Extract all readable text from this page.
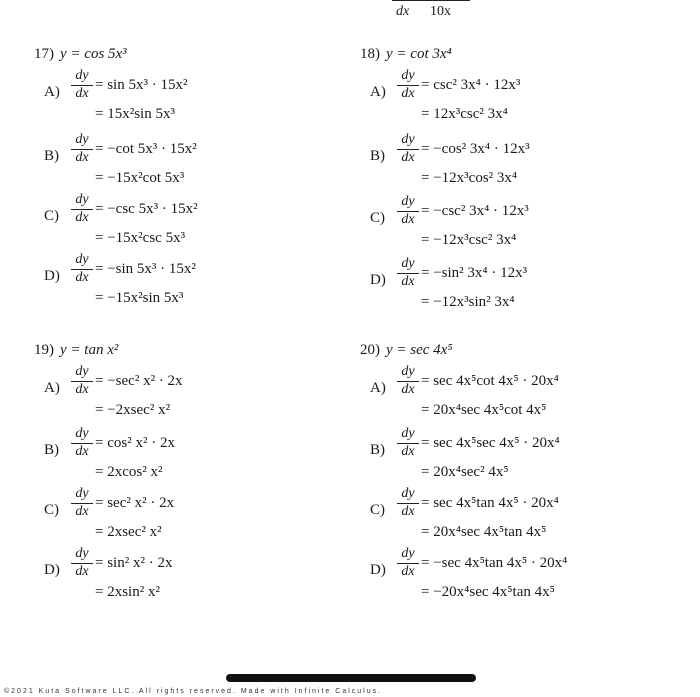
dx 10x
17) y = cos 5x³
A)
dy
dx
= sin 5x³ · 15x²
= 15x²sin 5x³
B)
dy
dx
= −cot 5x³ · 15x²
= −15x²cot 5x³
C)
dy
dx
= −csc 5x³ · 15x²
= −15x²csc 5x³
D)
dy
dx
= −sin 5x³ · 15x²
= −15x²sin 5x³
18) y = cot 3x⁴
A)
dy
dx
= csc² 3x⁴ · 12x³
= 12x³csc² 3x⁴
B)
dy
dx
= −cos² 3x⁴ · 12x³
= −12x³cos² 3x⁴
C)
dy
dx
= −csc² 3x⁴ · 12x³
= −12x³csc² 3x⁴
D)
dy
dx
= −sin² 3x⁴ · 12x³
= −12x³sin² 3x⁴
19) y = tan x²
A)
dy
dx
= −sec² x² · 2x
= −2xsec² x²
B)
dy
dx
= cos² x² · 2x
= 2xcos² x²
C)
dy
dx
= sec² x² · 2x
= 2xsec² x²
D)
dy
dx
= sin² x² · 2x
= 2xsin² x²
20) y = sec 4x⁵
A)
dy
dx
= sec 4x⁵cot 4x⁵ · 20x⁴
= 20x⁴sec 4x⁵cot 4x⁵
B)
dy
dx
= sec 4x⁵sec 4x⁵ · 20x⁴
= 20x⁴sec² 4x⁵
C)
dy
dx
= sec 4x⁵tan 4x⁵ · 20x⁴
= 20x⁴sec 4x⁵tan 4x⁵
D)
dy
dx
= −sec 4x⁵tan 4x⁵ · 20x⁴
= −20x⁴sec 4x⁵tan 4x⁵
©2021 Kuta Software LLC. All rights reserved. Made with Infinite Calculus.
